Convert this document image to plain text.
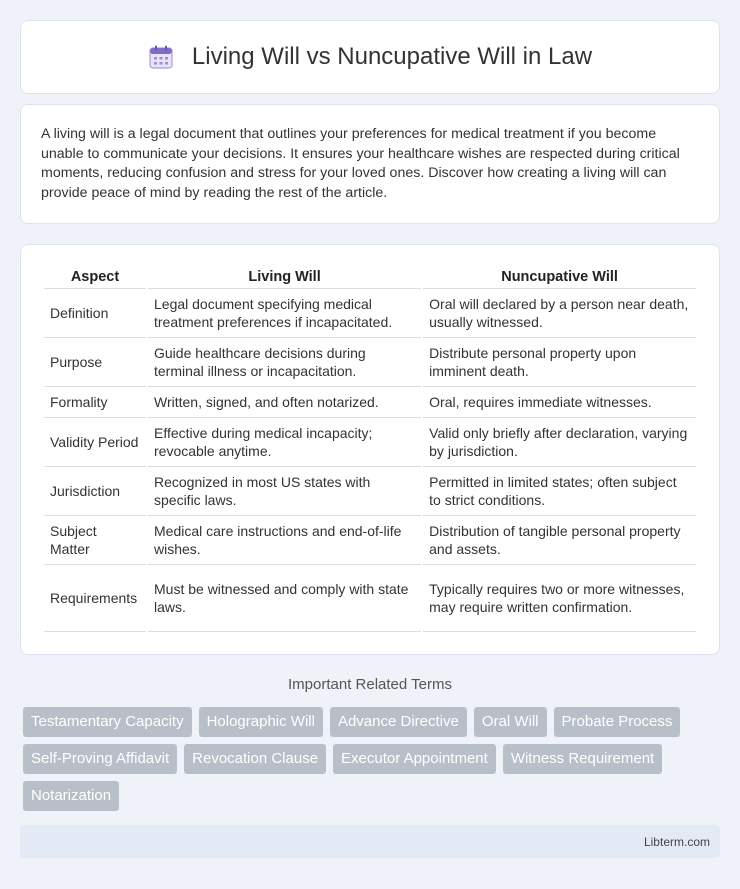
Living Will vs Nuncupative Will in Law

A living will is a legal document that outlines your preferences for medical treatment if you become unable to communicate your decisions. It ensures your healthcare wishes are respected during critical moments, reducing confusion and stress for your loved ones. Discover how creating a living will can provide peace of mind by reading the rest of the article.

Aspect	Living Will	Nuncupative Will
Definition	Legal document specifying medical treatment preferences if incapacitated.	Oral will declared by a person near death, usually witnessed.
Purpose	Guide healthcare decisions during terminal illness or incapacitation.	Distribute personal property upon imminent death.
Formality	Written, signed, and often notarized.	Oral, requires immediate witnesses.
Validity Period	Effective during medical incapacity; revocable anytime.	Valid only briefly after declaration, varying by jurisdiction.
Jurisdiction	Recognized in most US states with specific laws.	Permitted in limited states; often subject to strict conditions.
Subject Matter	Medical care instructions and end-of-life wishes.	Distribution of tangible personal property and assets.
Requirements	Must be witnessed and comply with state laws.	Typically requires two or more witnesses, may require written confirmation.
Important Related Terms
Testamentary Capacity	Holographic Will	Advance Directive	Oral Will	Probate Process
Self-Proving Affidavit	Revocation Clause	Executor Appointment	Witness Requirement
Notarization
Libterm.com
